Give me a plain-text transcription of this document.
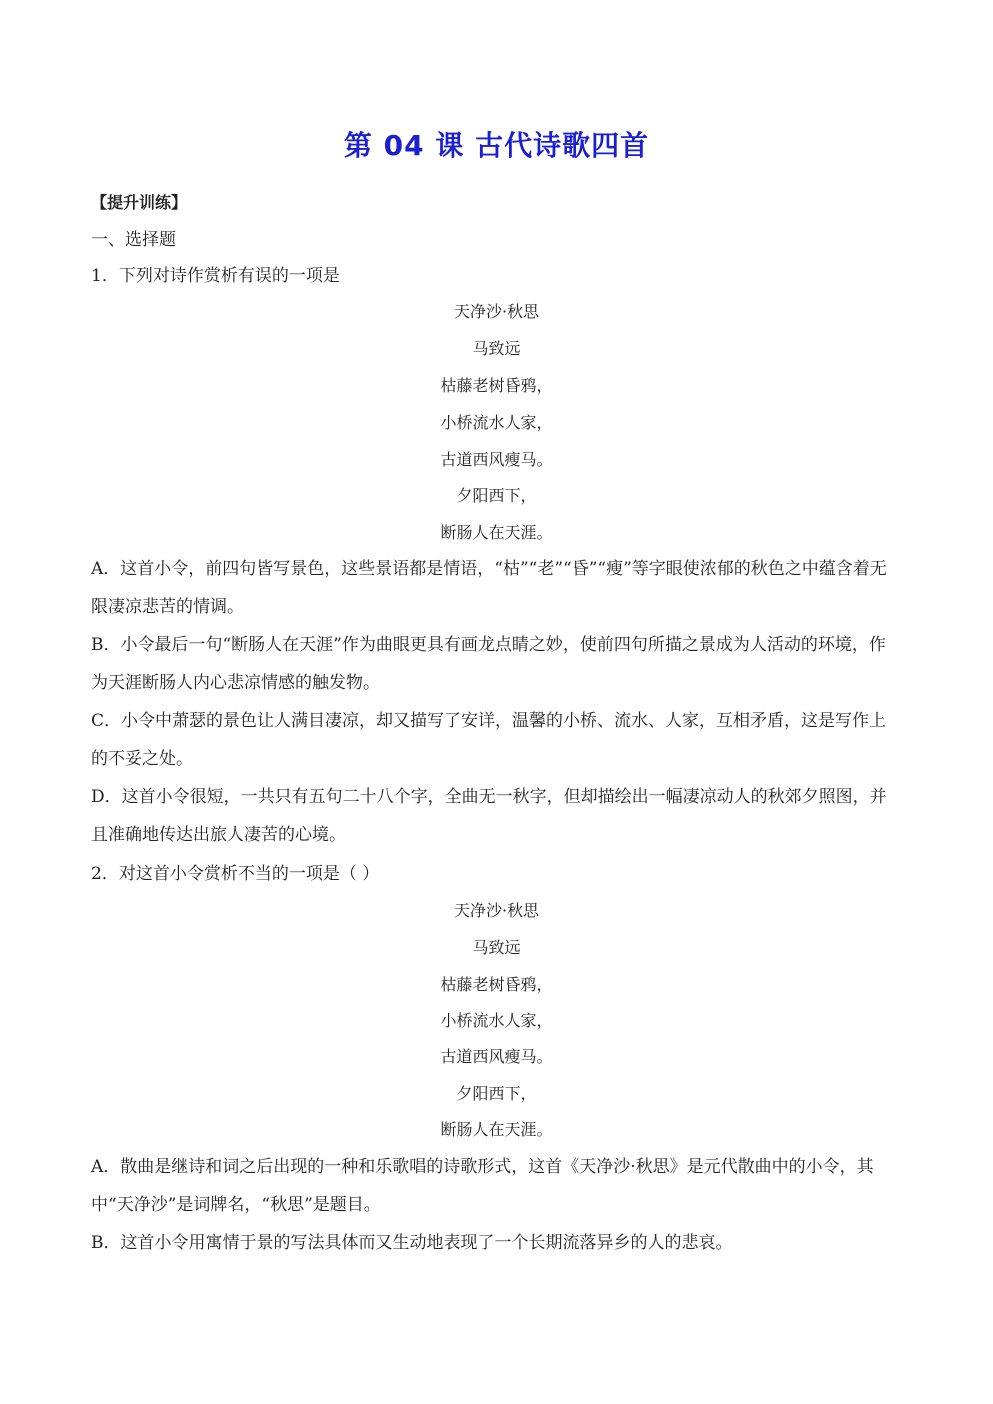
第 04 课 古代诗歌四首
【提升训练】
一、选择题
1．下列对诗作赏析有误的一项是
天净沙·秋思
马致远
枯藤老树昏鸦，
小桥流水人家，
古道西风瘦马。
夕阳西下，
断肠人在天涯。
A．这首小令，前四句皆写景色，这些景语都是情语，“枯”“老”“昏”“瘦”等字眼使浓郁的秋色之中蕴含着无限凄凉悲苦的情调。
B．小令最后一句“断肠人在天涯”作为曲眼更具有画龙点睛之妙，使前四句所描之景成为人活动的环境，作为天涯断肠人内心悲凉情感的触发物。
C．小令中萧瑟的景色让人满目凄凉，却又描写了安详，温馨的小桥、流水、人家，互相矛盾，这是写作上的不妥之处。
D．这首小令很短，一共只有五句二十八个字，全曲无一秋字，但却描绘出一幅凄凉动人的秋郊夕照图，并且准确地传达出旅人凄苦的心境。
2．对这首小令赏析不当的一项是（ ）
天净沙·秋思
马致远
枯藤老树昏鸦，
小桥流水人家，
古道西风瘦马。
夕阳西下，
断肠人在天涯。
A．散曲是继诗和词之后出现的一种和乐歌唱的诗歌形式，这首《天净沙·秋思》是元代散曲中的小令，其中“天净沙”是词牌名，“秋思”是题目。
B．这首小令用寓情于景的写法具体而又生动地表现了一个长期流落异乡的人的悲哀。
